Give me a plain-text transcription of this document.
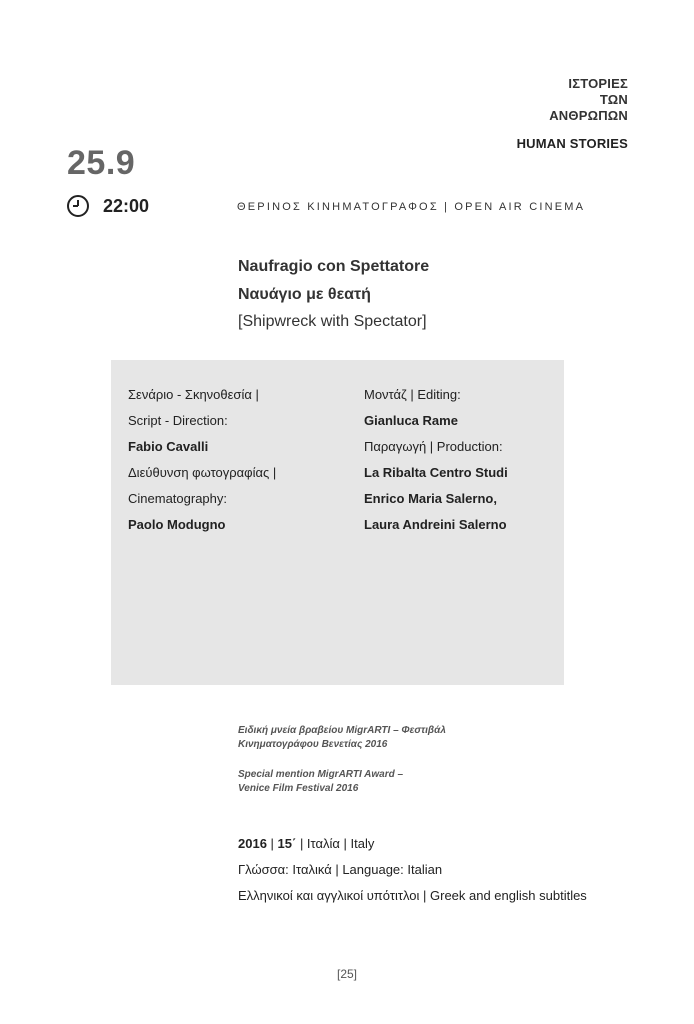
ΙΣΤΟΡΙΕΣ
ΤΩΝ
ΑΝΘΡΩΠΩΝ
HUMAN STORIES
25.9
22:00	ΘΕΡΙΝΟΣ ΚΙΝΗΜΑΤΟΓΡΑΦΟΣ | OPEN AIR CINEMA
Naufragio con Spettatore
Ναυάγιο με θεατή
[Shipwreck with Spectator]
Σενάριο - Σκηνοθεσία |
Script - Direction:
Fabio Cavalli
Διεύθυνση φωτογραφίας |
Cinematography:
Paolo Modugno
Μοντάζ | Editing:
Gianluca Rame
Παραγωγή | Production:
La Ribalta Centro Studi
Enrico Maria Salerno,
Laura Andreini Salerno
Ειδική μνεία βραβείου MigrARTI – Φεστιβάλ
Κινηματογράφου Βενετίας 2016
Special mention MigrARTI Award –
Venice Film Festival 2016
2016 | 15΄ | Ιταλία | Italy
Γλώσσα: Ιταλικά | Language: Italian
Ελληνικοί και αγγλικοί υπότιτλοι | Greek and english subtitles
[25]
